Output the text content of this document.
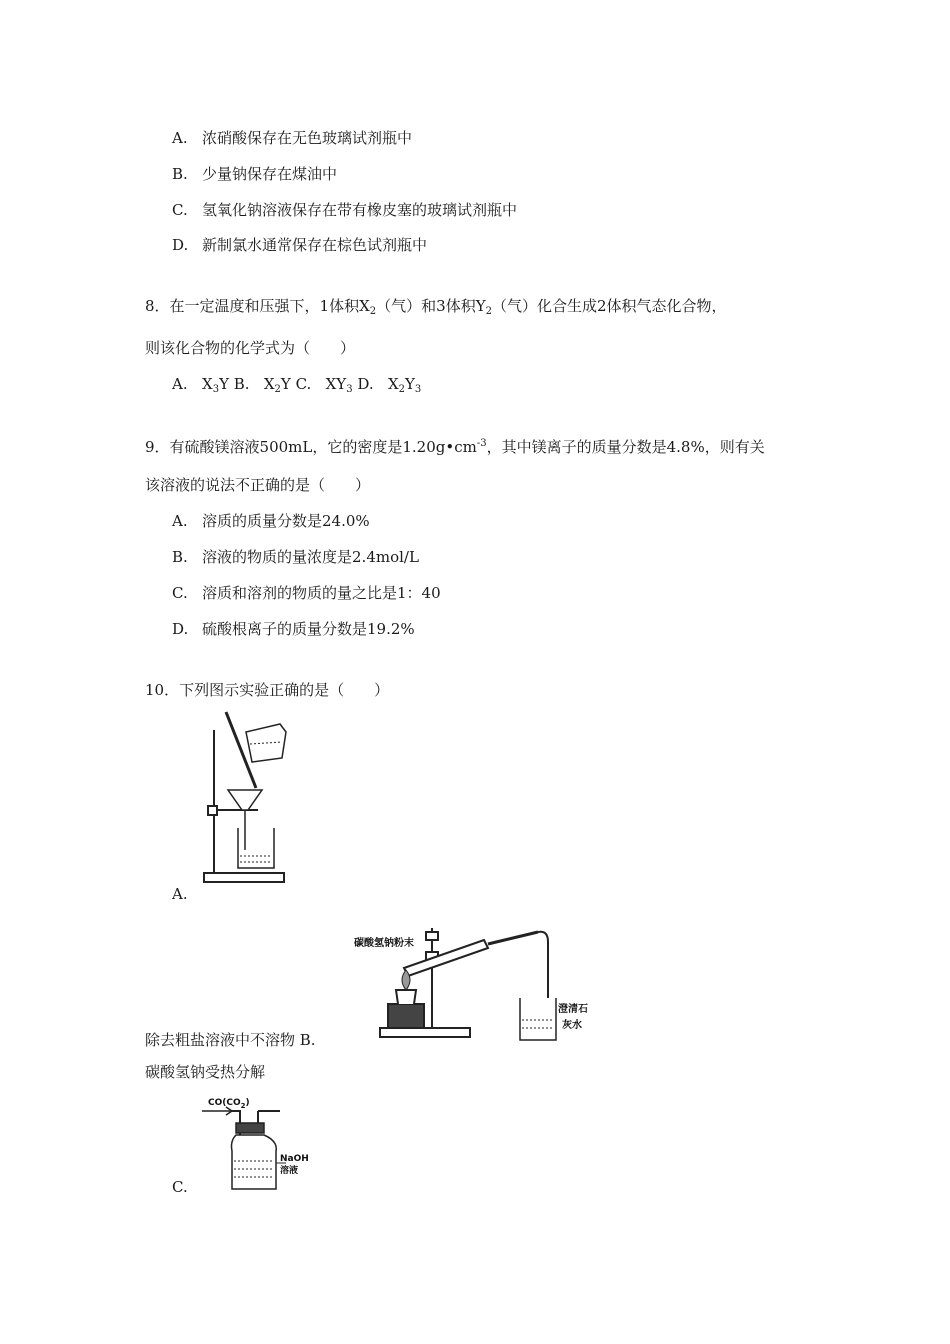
A. 浓硝酸保存在无色玻璃试剂瓶中
B. 少量钠保存在煤油中
C. 氢氧化钠溶液保存在带有橡皮塞的玻璃试剂瓶中
D. 新制氯水通常保存在棕色试剂瓶中
8．在一定温度和压强下，1体积$X_2$（气）和3体积$Y_2$（气）化合生成2体积气态化合物，
则该化合物的化学式为（　　）
A. $X_3Y$ B. $X_2Y$ C. $XY_3$ D. $X_2Y_3$
9．有硫酸镁溶液500mL，它的密度是$1.20g•cm^{-3}$，其中镁离子的质量分数是4.8%，则有关
该溶液的说法不正确的是（　　）
A. 溶质的质量分数是24.0%
B. 溶液的物质的量浓度是2.4mol/L
C. 溶质和溶剂的物质的量之比是1：40
D. 硫酸根离子的质量分数是19.2%
10．下列图示实验正确的是（　　）
A.
碳酸氢钠粉末
澄清石
灰水
除去粗盐溶液中不溶物 B.
碳酸氢钠受热分解
$CO(CO_2)$
NaOH
溶液
C.
